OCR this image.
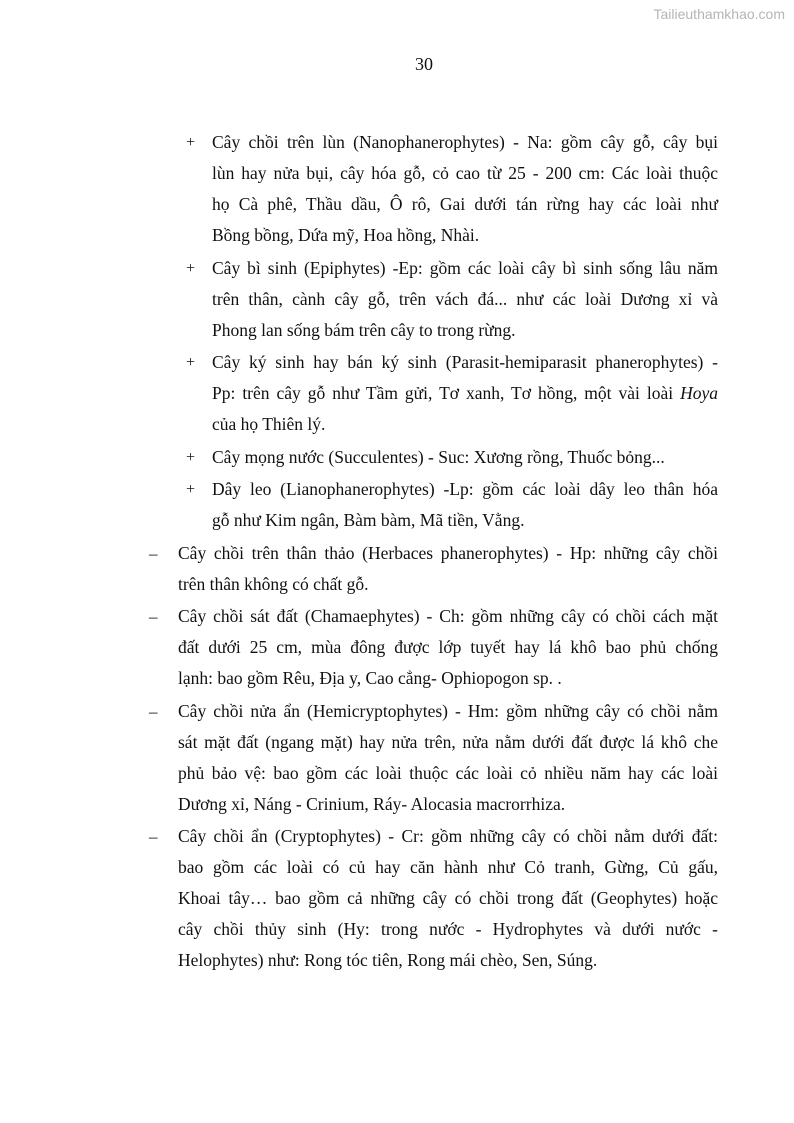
Tailieuthamkhao.com
30
+ Cây chồi trên lùn (Nanophanerophytes) - Na: gồm cây gỗ, cây bụi
lùn hay nửa bụi, cây hóa gỗ, cỏ cao từ 25 - 200 cm: Các loài thuộc
họ Cà phê, Thầu dầu, Ô rô, Gai dưới tán rừng hay các loài như
Bồng bồng, Dứa mỹ, Hoa hồng, Nhài.
+ Cây bì sinh (Epiphytes) -Ep: gồm các loài cây bì sinh sống lâu năm
trên thân, cành cây gỗ, trên vách đá... như các loài Dương xỉ và
Phong lan sống bám trên cây to trong rừng.
+ Cây ký sinh hay bán ký sinh (Parasit-hemiparasit phanerophytes) -
Pp: trên cây gỗ như Tầm gửi, Tơ xanh, Tơ hồng, một vài loài Hoya
của họ Thiên lý.
+ Cây mọng nước (Succulentes) - Suc: Xương rồng, Thuốc bỏng...
+ Dây leo (Lianophanerophytes) -Lp: gồm các loài dây leo thân hóa
gỗ như Kim ngân, Bàm bàm, Mã tiền, Vằng.
– Cây chồi trên thân thảo (Herbaces phanerophytes) - Hp: những cây chồi
trên thân không có chất gỗ.
– Cây chồi sát đất (Chamaephytes) - Ch: gồm những cây có chồi cách mặt
đất dưới 25 cm, mùa đông được lớp tuyết hay lá khô bao phủ chống
lạnh: bao gồm Rêu, Địa y, Cao cẳng- Ophiopogon sp. .
– Cây chồi nửa ẩn (Hemicryptophytes) - Hm: gồm những cây có chồi nằm
sát mặt đất (ngang mặt) hay nửa trên, nửa nằm dưới đất được lá khô che
phủ bảo vệ: bao gồm các loài thuộc các loài cỏ nhiều năm hay các loài
Dương xỉ, Náng - Crinium, Ráy- Alocasia macrorrhiza.
– Cây chồi ẩn (Cryptophytes) - Cr: gồm những cây có chồi nằm dưới đất:
bao gồm các loài có củ hay căn hành như Cỏ tranh, Gừng, Củ gấu,
Khoai tây… bao gồm cả những cây có chồi trong đất (Geophytes) hoặc
cây chồi thủy sinh (Hy: trong nước - Hydrophytes và dưới nước -
Helophytes) như: Rong tóc tiên, Rong mái chèo, Sen, Súng.
